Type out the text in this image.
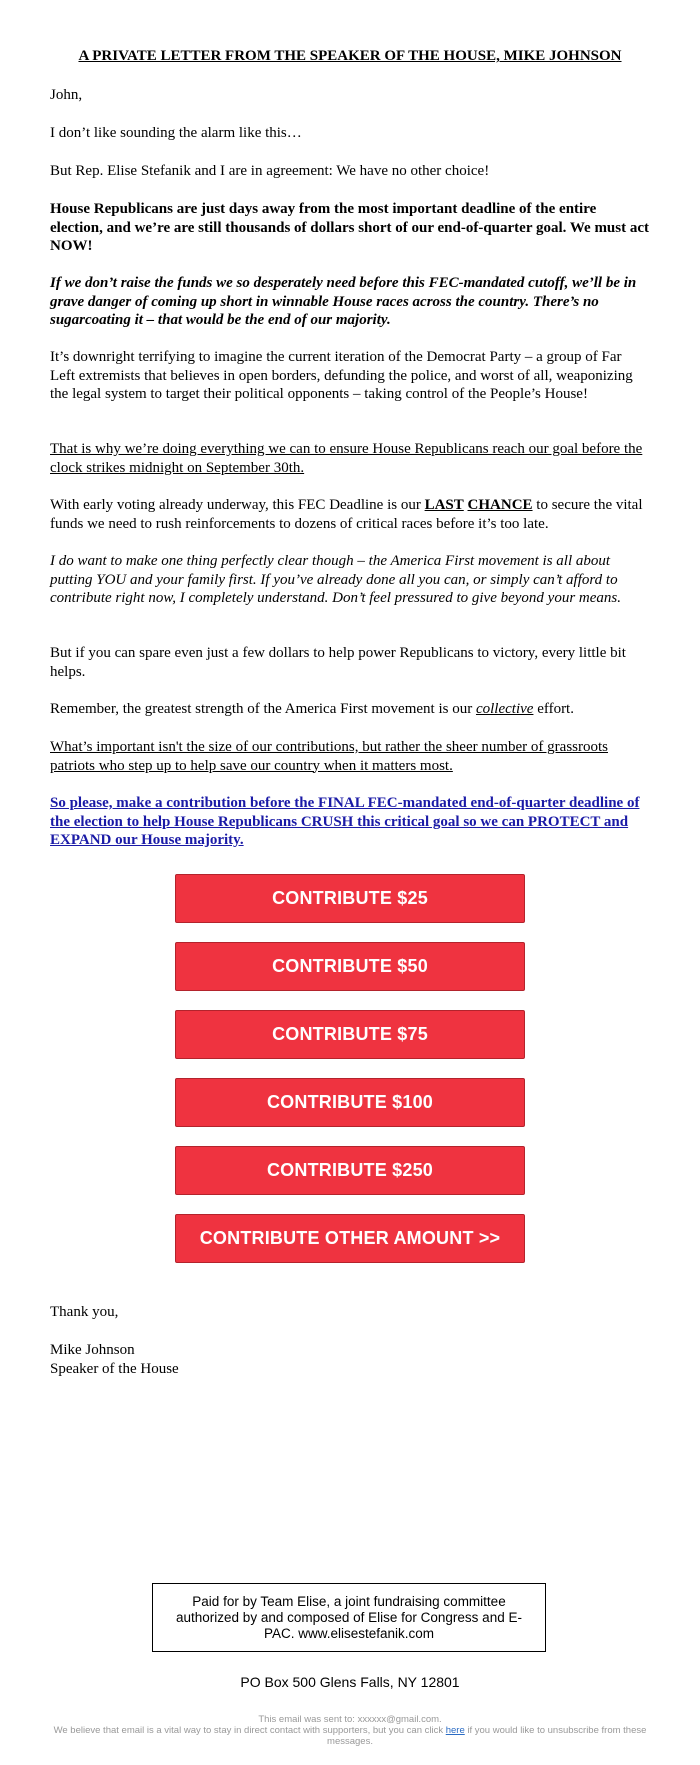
A PRIVATE LETTER FROM THE SPEAKER OF THE HOUSE, MIKE JOHNSON

John,

I don’t like sounding the alarm like this…

But Rep. Elise Stefanik and I are in agreement: We have no other choice!

House Republicans are just days away from the most important deadline of the entire election, and we’re are still thousands of dollars short of our end-of-quarter goal. We must act NOW!

If we don’t raise the funds we so desperately need before this FEC-mandated cutoff, we’ll be in grave danger of coming up short in winnable House races across the country. There’s no sugarcoating it – that would be the end of our majority.

It’s downright terrifying to imagine the current iteration of the Democrat Party – a group of Far Left extremists that believes in open borders, defunding the police, and worst of all, weaponizing the legal system to target their political opponents – taking control of the People’s House!

That is why we’re doing everything we can to ensure House Republicans reach our goal before the clock strikes midnight on September 30th.

With early voting already underway, this FEC Deadline is our LAST CHANCE to secure the vital funds we need to rush reinforcements to dozens of critical races before it’s too late.

I do want to make one thing perfectly clear though – the America First movement is all about putting YOU and your family first. If you’ve already done all you can, or simply can’t afford to contribute right now, I completely understand. Don’t feel pressured to give beyond your means.

But if you can spare even just a few dollars to help power Republicans to victory, every little bit helps.

Remember, the greatest strength of the America First movement is our collective effort.

What’s important isn't the size of our contributions, but rather the sheer number of grassroots patriots who step up to help save our country when it matters most.

So please, make a contribution before the FINAL FEC-mandated end-of-quarter deadline of the election to help House Republicans CRUSH this critical goal so we can PROTECT and EXPAND our House majority.

CONTRIBUTE $25
CONTRIBUTE $50
CONTRIBUTE $75
CONTRIBUTE $100
CONTRIBUTE $250
CONTRIBUTE OTHER AMOUNT >>

Thank you,

Mike Johnson
Speaker of the House

Paid for by Team Elise, a joint fundraising committee authorized by and composed of Elise for Congress and E-PAC. www.elisestefanik.com
PO Box 500 Glens Falls, NY 12801
This email was sent to: xxxxxx@gmail.com.
We believe that email is a vital way to stay in direct contact with supporters, but you can click here if you would like to unsubscribe from these messages.
